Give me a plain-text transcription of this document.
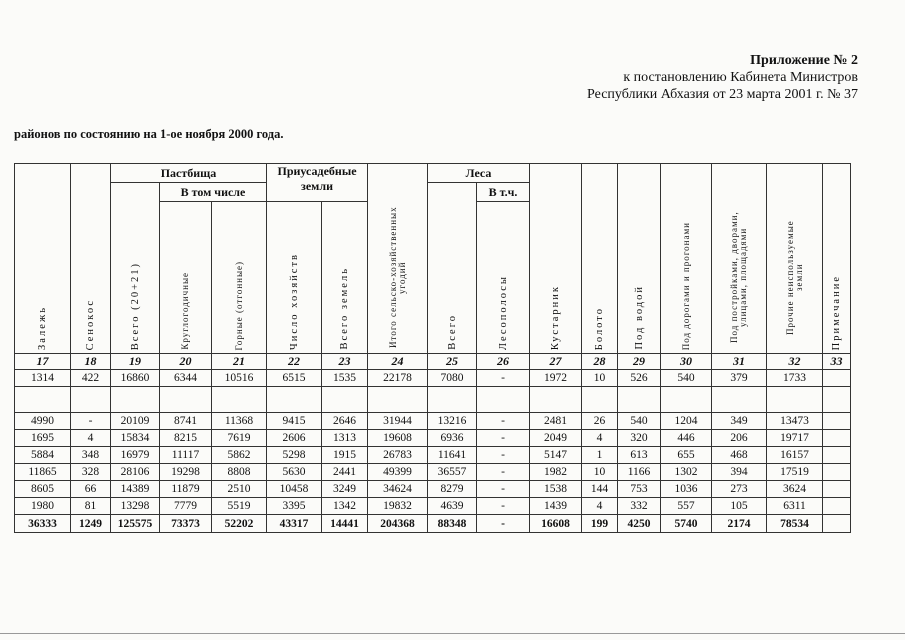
Приложение № 2
к постановлению Кабинета Министров
Республики Абхазия от 23 марта 2001 г. № 37
районов по состоянию на 1-ое ноября 2000 года.
Залежь	Сенокос	Пастбища			Приусадебные земли		Итого сельско-хозяйственных угодий	Леса		Кустарник	Болото	Под водой	Под дорогами и прогонами	Под постройками, дворами, улицами, площадями	Прочие неиспользуемые земли	Примечание
		Всего (20+21)	В том числе					Всего	В т.ч.							
			Круглогодичные	Горные (отгонные)	Число хозяйств	Всего земель			Лесополосы							
17	18	19	20	21	22	23	24	25	26	27	28	29	30	31	32	33
1314	422	16860	6344	10516	6515	1535	22178	7080	-	1972	10	526	540	379	1733	

4990	-	20109	8741	11368	9415	2646	31944	13216	-	2481	26	540	1204	349	13473	
1695	4	15834	8215	7619	2606	1313	19608	6936	-	2049	4	320	446	206	19717	
5884	348	16979	11117	5862	5298	1915	26783	11641	-	5147	1	613	655	468	16157	
11865	328	28106	19298	8808	5630	2441	49399	36557	-	1982	10	1166	1302	394	17519	
8605	66	14389	11879	2510	10458	3249	34624	8279	-	1538	144	753	1036	273	3624	
1980	81	13298	7779	5519	3395	1342	19832	4639	-	1439	4	332	557	105	6311	
36333	1249	125575	73373	52202	43317	14441	204368	88348	-	16608	199	4250	5740	2174	78534	
